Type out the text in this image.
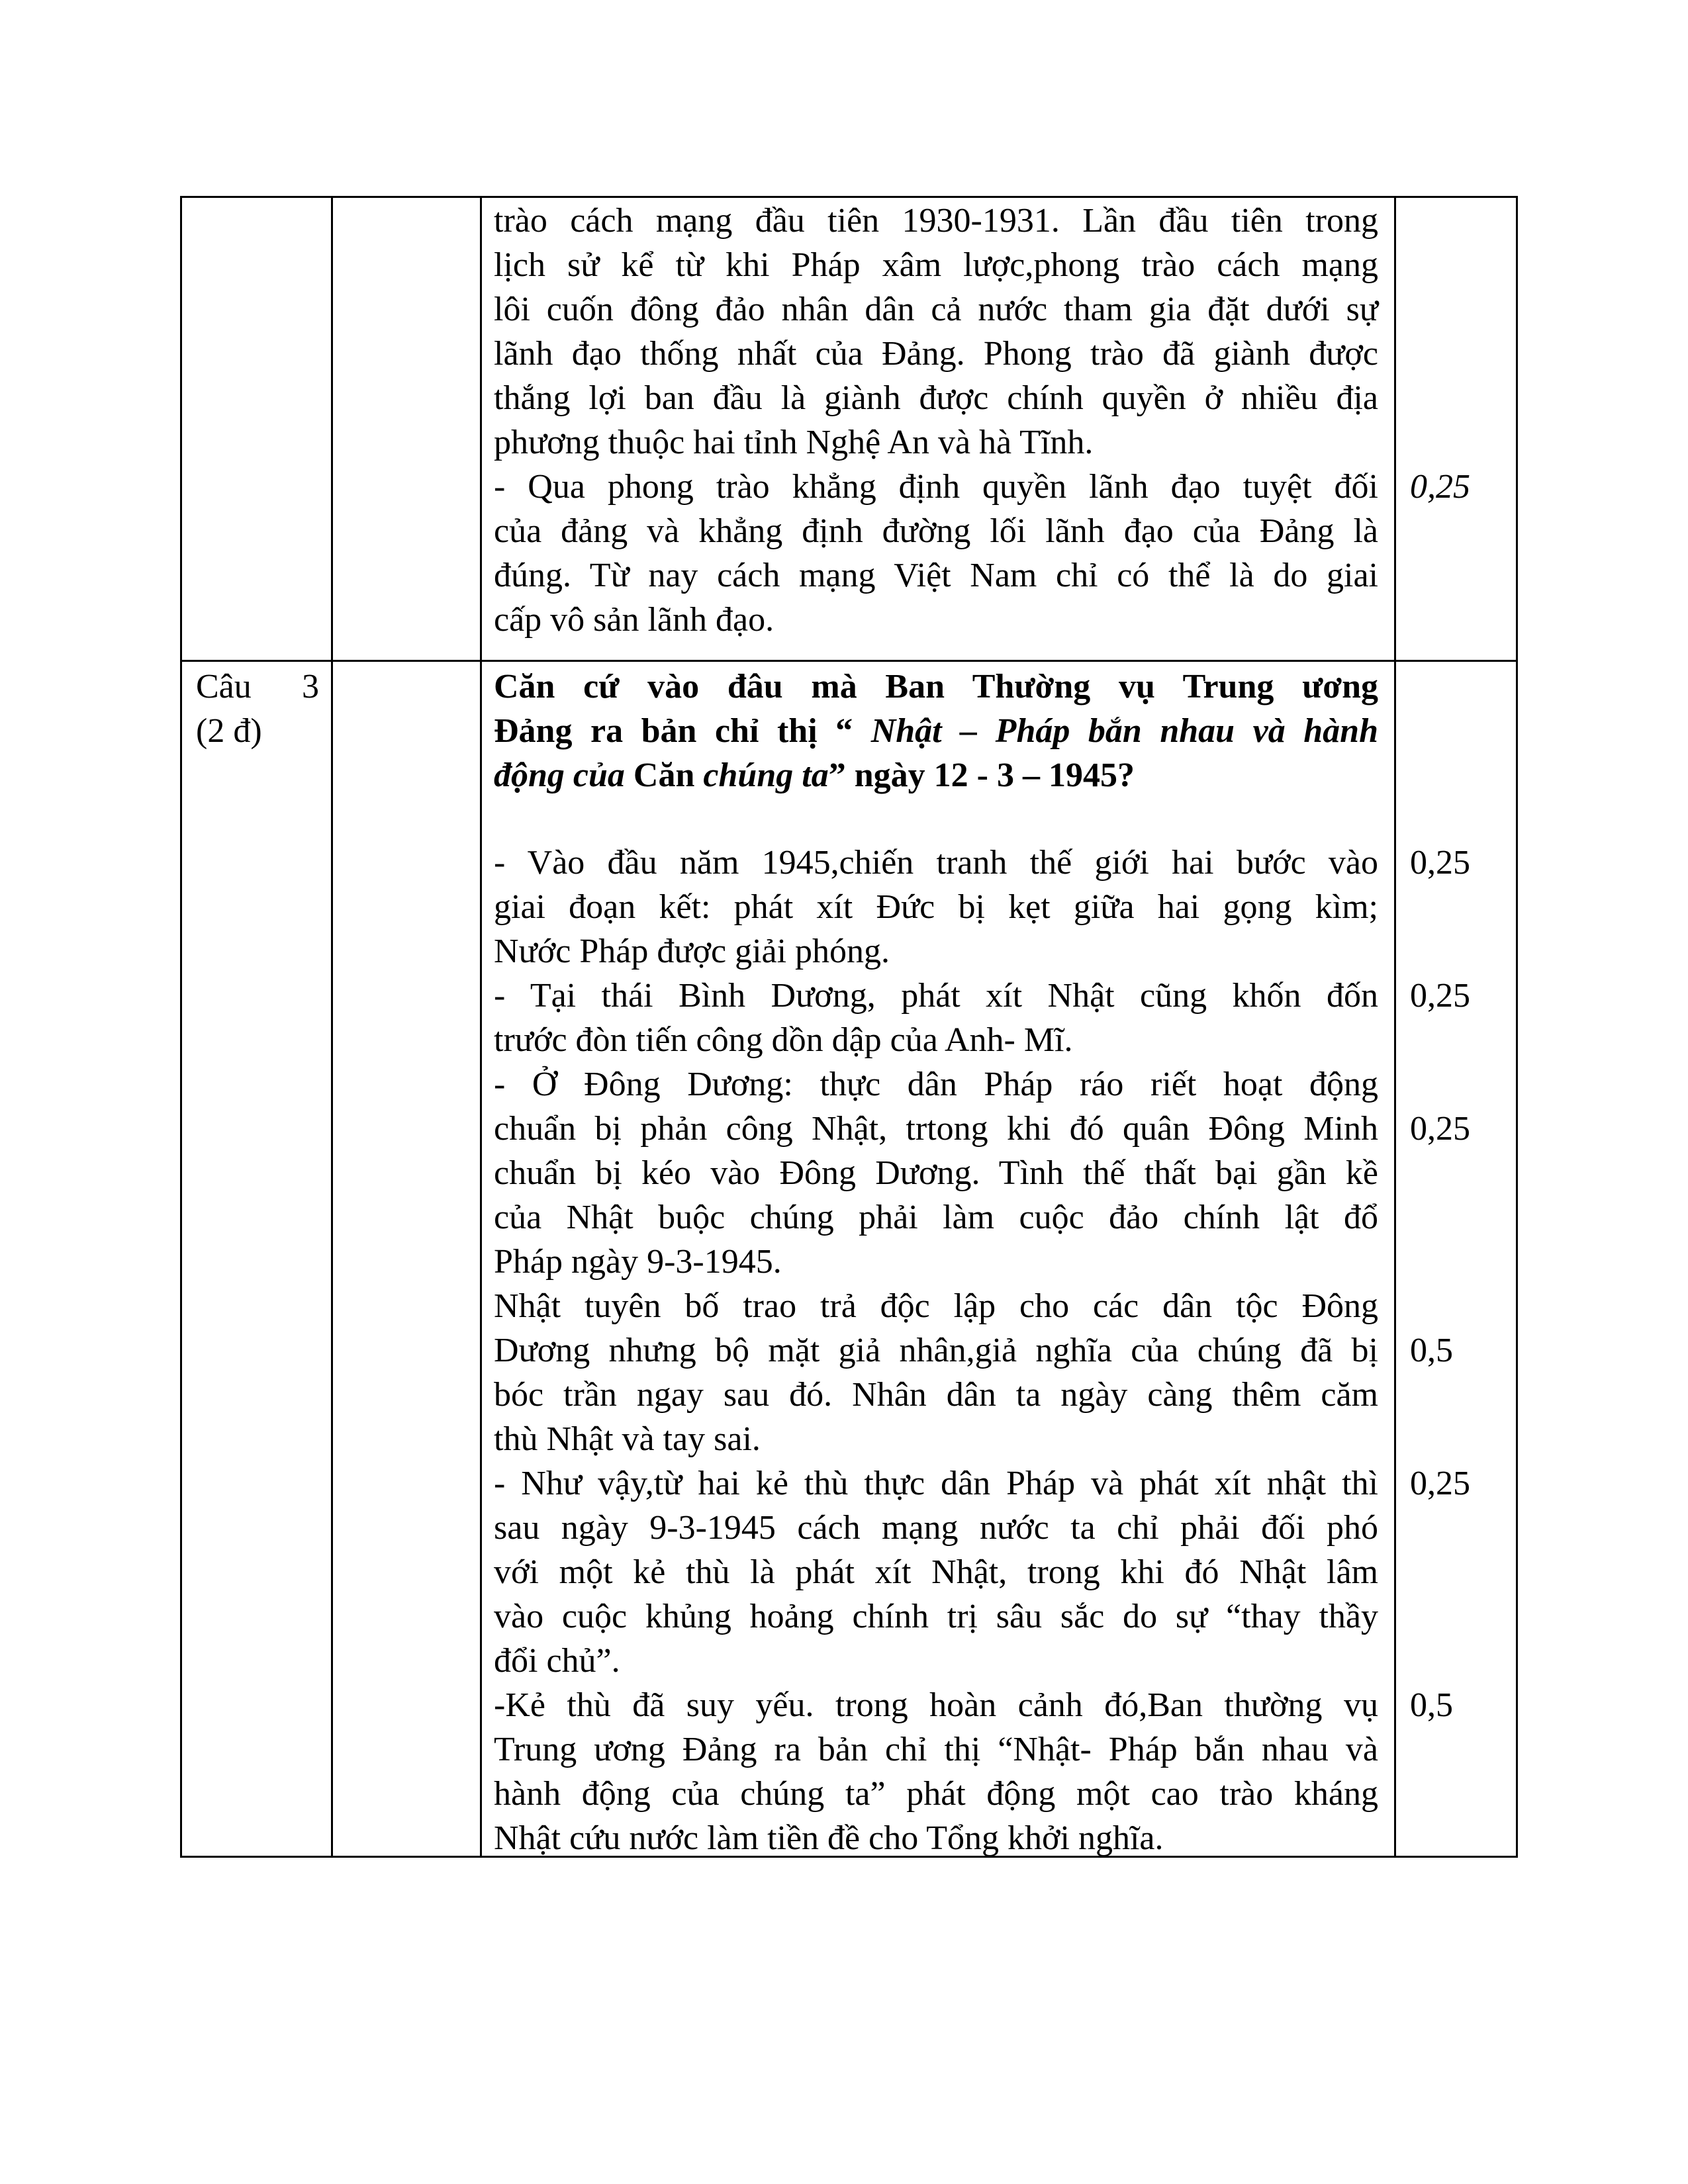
trào cách mạng đầu tiên 1930-1931. Lần đầu tiên trong
lịch sử kể từ khi Pháp xâm lược,phong trào cách mạng
lôi cuốn đông đảo nhân dân cả nước tham gia đặt dưới sự
lãnh đạo thống nhất của Đảng. Phong trào đã giành được
thắng lợi ban đầu là giành được chính quyền ở nhiều địa
phương thuộc hai tỉnh Nghệ An và hà Tĩnh.
- Qua phong trào khẳng định quyền lãnh đạo tuyệt đối
của đảng và khẳng định đường lối lãnh đạo của Đảng là
đúng. Từ nay cách mạng Việt Nam chỉ có thể là do giai
cấp vô sản lãnh đạo.
0,25
Câu 3
(2 đ)
Căn cứ vào đâu mà Ban Thường vụ Trung ương
Đảng ra bản chỉ thị “ Nhật – Pháp bắn nhau và hành
động của Căn chúng ta” ngày 12 - 3 – 1945?
- Vào đầu năm 1945,chiến tranh thế giới hai bước vào
giai đoạn kết: phát xít Đức bị kẹt giữa hai gọng kìm;
Nước Pháp được giải phóng.
0,25
- Tại thái Bình Dương, phát xít Nhật cũng khốn đốn
trước đòn tiến công dồn dập của Anh- Mĩ.
0,25
- Ở Đông Dương: thực dân Pháp ráo riết hoạt động
chuẩn bị phản công Nhật, trtong khi đó quân Đông Minh
chuẩn bị kéo vào Đông Dương. Tình thế thất bại gần kề
của Nhật buộc chúng phải làm cuộc đảo chính lật đổ
Pháp ngày 9-3-1945.
0,25
Nhật tuyên bố trao trả độc lập cho các dân tộc Đông
Dương nhưng bộ mặt giả nhân,giả nghĩa của chúng đã bị
bóc trần ngay sau đó. Nhân dân ta ngày càng thêm căm
thù Nhật và tay sai.
0,5
- Như vậy,từ hai kẻ thù thực dân Pháp và phát xít nhật thì
sau ngày 9-3-1945 cách mạng nước ta chỉ phải đối phó
với một kẻ thù là phát xít Nhật, trong khi đó Nhật lâm
vào cuộc khủng hoảng chính trị sâu sắc do sự “thay thầy
đổi chủ”.
0,25
-Kẻ thù đã suy yếu. trong hoàn cảnh đó,Ban thường vụ
Trung ương Đảng ra bản chỉ thị “Nhật- Pháp bắn nhau và
hành động của chúng ta” phát động một cao trào kháng
Nhật cứu nước làm tiền đề cho Tổng khởi nghĩa.
0,5
